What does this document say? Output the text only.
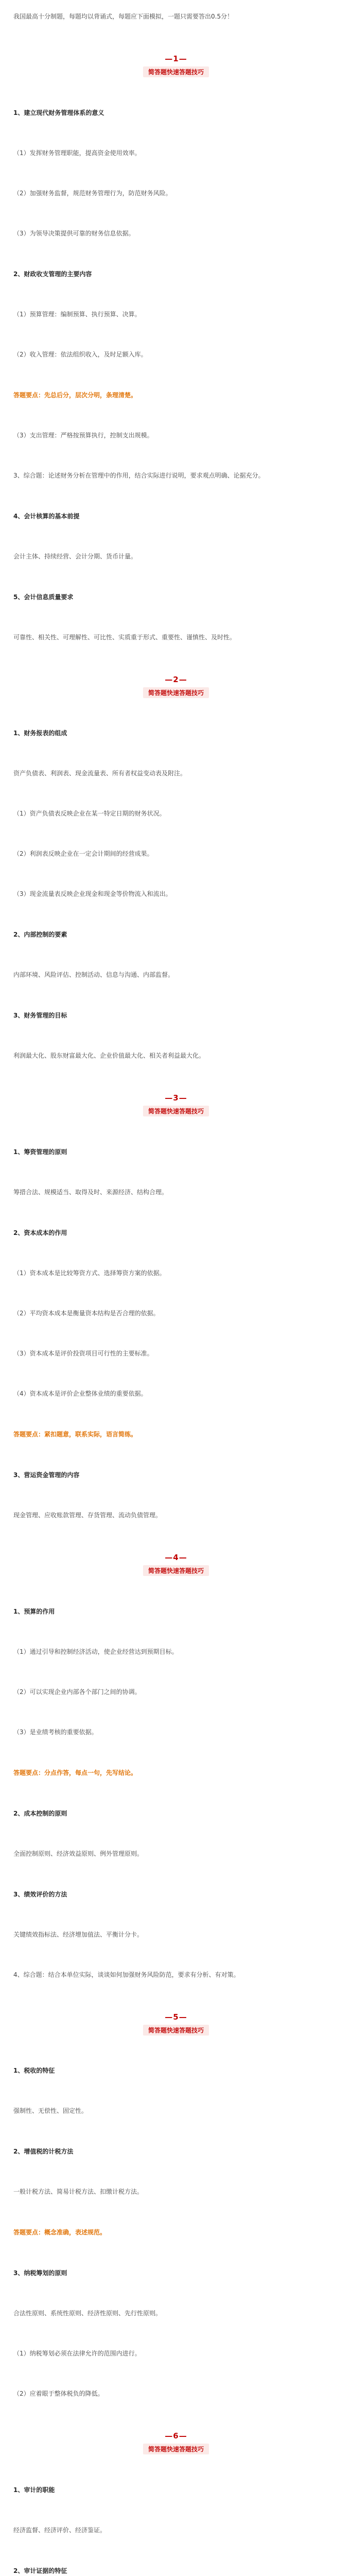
我国最高十分制题，每题均以背诵式，每题应下面模拟，一题只需要答出0.5分！
—1—
简答题快速答题技巧
1、建立现代财务管理体系的意义
（1）发挥财务管理职能，提高资金使用效率。
（2）加强财务监督，规范财务管理行为，防范财务风险。
（3）为领导决策提供可靠的财务信息依据。
2、财政收支管理的主要内容
（1）预算管理：编制预算、执行预算、决算。
（2）收入管理：依法组织收入，及时足额入库。
答题要点：先总后分，层次分明，条理清楚。
（3）支出管理：严格按预算执行，控制支出规模。
3、综合题：论述财务分析在管理中的作用，结合实际进行说明，要求观点明确、论据充分。
4、会计核算的基本前提
会计主体、持续经营、会计分期、货币计量。
5、会计信息质量要求
可靠性、相关性、可理解性、可比性、实质重于形式、重要性、谨慎性、及时性。
—2—
简答题快速答题技巧
1、财务报表的组成
资产负债表、利润表、现金流量表、所有者权益变动表及附注。
（1）资产负债表反映企业在某一特定日期的财务状况。
（2）利润表反映企业在一定会计期间的经营成果。
（3）现金流量表反映企业现金和现金等价物流入和流出。
2、内部控制的要素
内部环境、风险评估、控制活动、信息与沟通、内部监督。
3、财务管理的目标
利润最大化、股东财富最大化、企业价值最大化、相关者利益最大化。
—3—
简答题快速答题技巧
1、筹资管理的原则
筹措合法、规模适当、取得及时、来源经济、结构合理。
2、资本成本的作用
（1）资本成本是比较筹资方式、选择筹资方案的依据。
（2）平均资本成本是衡量资本结构是否合理的依据。
（3）资本成本是评价投资项目可行性的主要标准。
（4）资本成本是评价企业整体业绩的重要依据。
答题要点：紧扣题意，联系实际，语言简练。
3、营运资金管理的内容
现金管理、应收账款管理、存货管理、流动负债管理。
—4—
简答题快速答题技巧
1、预算的作用
（1）通过引导和控制经济活动，使企业经营达到预期目标。
（2）可以实现企业内部各个部门之间的协调。
（3）是业绩考核的重要依据。
答题要点：分点作答，每点一句，先写结论。
2、成本控制的原则
全面控制原则、经济效益原则、例外管理原则。
3、绩效评价的方法
关键绩效指标法、经济增加值法、平衡计分卡。
4、综合题：结合本单位实际，谈谈如何加强财务风险防范，要求有分析、有对策。
—5—
简答题快速答题技巧
1、税收的特征
强制性、无偿性、固定性。
2、增值税的计税方法
一般计税方法、简易计税方法、扣缴计税方法。
答题要点：概念准确，表述规范。
3、纳税筹划的原则
合法性原则、系统性原则、经济性原则、先行性原则。
（1）纳税筹划必须在法律允许的范围内进行。
（2）应着眼于整体税负的降低。
—6—
简答题快速答题技巧
1、审计的职能
经济监督、经济评价、经济鉴证。
2、审计证据的特征
